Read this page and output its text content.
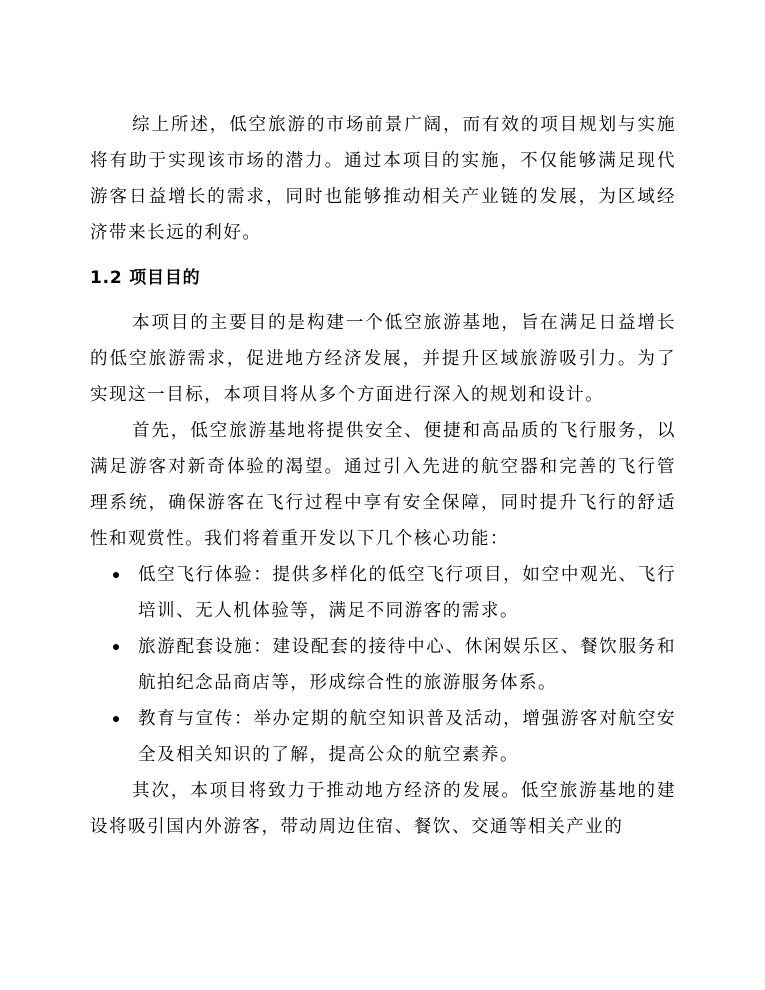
综上所述，低空旅游的市场前景广阔，而有效的项目规划与实施将有助于实现该市场的潜力。通过本项目的实施，不仅能够满足现代游客日益增长的需求，同时也能够推动相关产业链的发展，为区域经济带来长远的利好。

1.2 项目目的

本项目的主要目的是构建一个低空旅游基地，旨在满足日益增长的低空旅游需求，促进地方经济发展，并提升区域旅游吸引力。为了实现这一目标，本项目将从多个方面进行深入的规划和设计。

首先，低空旅游基地将提供安全、便捷和高品质的飞行服务，以满足游客对新奇体验的渴望。通过引入先进的航空器和完善的飞行管理系统，确保游客在飞行过程中享有安全保障，同时提升飞行的舒适性和观赏性。我们将着重开发以下几个核心功能：

低空飞行体验：提供多样化的低空飞行项目，如空中观光、飞行培训、无人机体验等，满足不同游客的需求。
旅游配套设施：建设配套的接待中心、休闲娱乐区、餐饮服务和航拍纪念品商店等，形成综合性的旅游服务体系。
教育与宣传：举办定期的航空知识普及活动，增强游客对航空安全及相关知识的了解，提高公众的航空素养。

其次，本项目将致力于推动地方经济的发展。低空旅游基地的建设将吸引国内外游客，带动周边住宿、餐饮、交通等相关产业的
